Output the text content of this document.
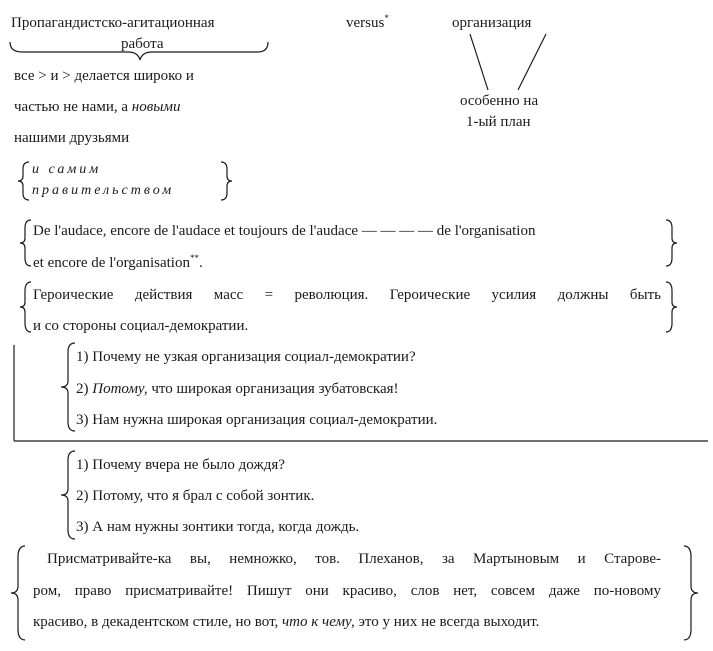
Пропагандистско-агитационная
работа
versus*	организация
все > и > делается широко и
частью не нами, а новыми
нашими друзьями
и самим
правительством
особенно на
1-ый план
De l'audace, encore de l'audace et toujours de l'audace — — — — de l'organisation
et encore de l'organisation**.
Героические действия масс = революция. Героические усилия должны быть
и со стороны социал-демократии.
1) Почему не узкая организация социал-демократии?
2) Потому, что широкая организация зубатовская!
3) Нам нужна широкая организация социал-демократии.
1) Почему вчера не было дождя?
2) Потому, что я брал с собой зонтик.
3) А нам нужны зонтики тогда, когда дождь.
Присматривайте-ка вы, немножко, тов. Плеханов, за Мартыновым и Старове-
ром, право присматривайте! Пишут они красиво, слов нет, совсем даже по-новому
красиво, в декадентском стиле, но вот, что к чему, это у них не всегда выходит.
